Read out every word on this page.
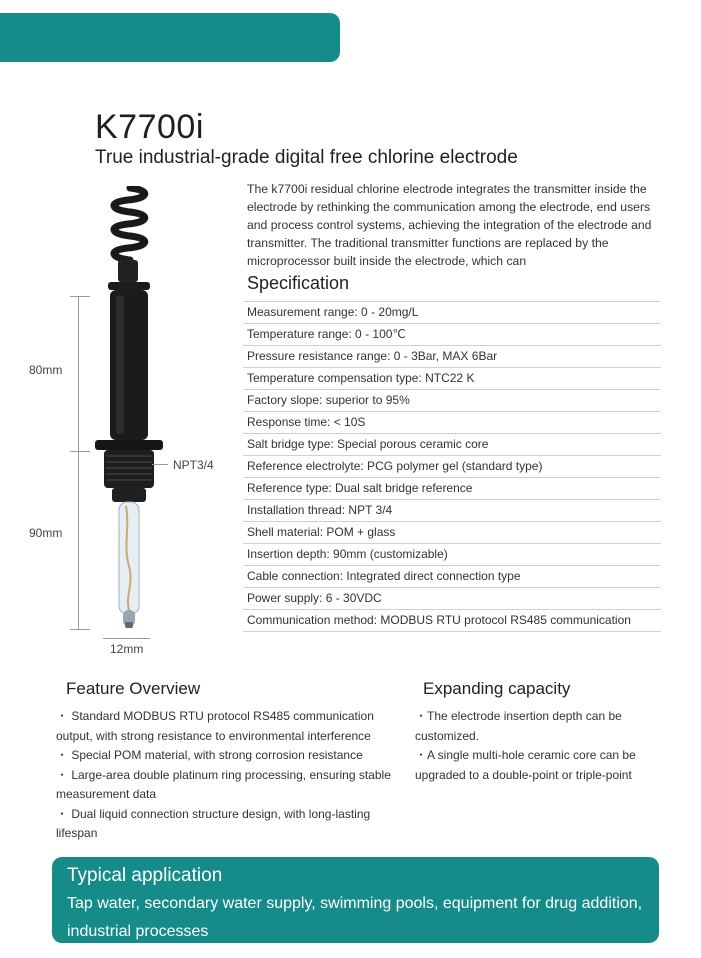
K7700i
True industrial-grade digital free chlorine electrode
80mm
90mm
NPT3/4
12mm
The k7700i residual chlorine electrode integrates the transmitter inside the electrode by rethinking the communication among the electrode, end users and process control systems, achieving the integration of the electrode and transmitter. The traditional transmitter functions are replaced by the microprocessor built inside the electrode, which can
Specification
Measurement range: 0 - 20mg/L
Temperature range: 0 - 100℃
Pressure resistance range: 0 - 3Bar, MAX 6Bar
Temperature compensation type: NTC22 K
Factory slope: superior to 95%
Response time: < 10S
Salt bridge type: Special porous ceramic core
Reference electrolyte: PCG polymer gel (standard type)
Reference type: Dual salt bridge reference
Installation thread: NPT 3/4
Shell material: POM + glass
Insertion depth: 90mm (customizable)
Cable connection: Integrated direct connection type
Power supply: 6 - 30VDC
Communication method: MODBUS RTU protocol RS485 communication
Feature Overview

・ Standard MODBUS RTU protocol RS485 communication output, with strong resistance to environmental interference

・ Special POM material, with strong corrosion resistance

・ Large-area double platinum ring processing, ensuring stable measurement data

・ Dual liquid connection structure design, with long-lasting lifespan

Expanding capacity

・The electrode insertion depth can be customized.

・A single multi-hole ceramic core can be upgraded to a double-point or triple-point

Typical application
Tap water, secondary water supply, swimming pools, equipment for drug addition, industrial processes
